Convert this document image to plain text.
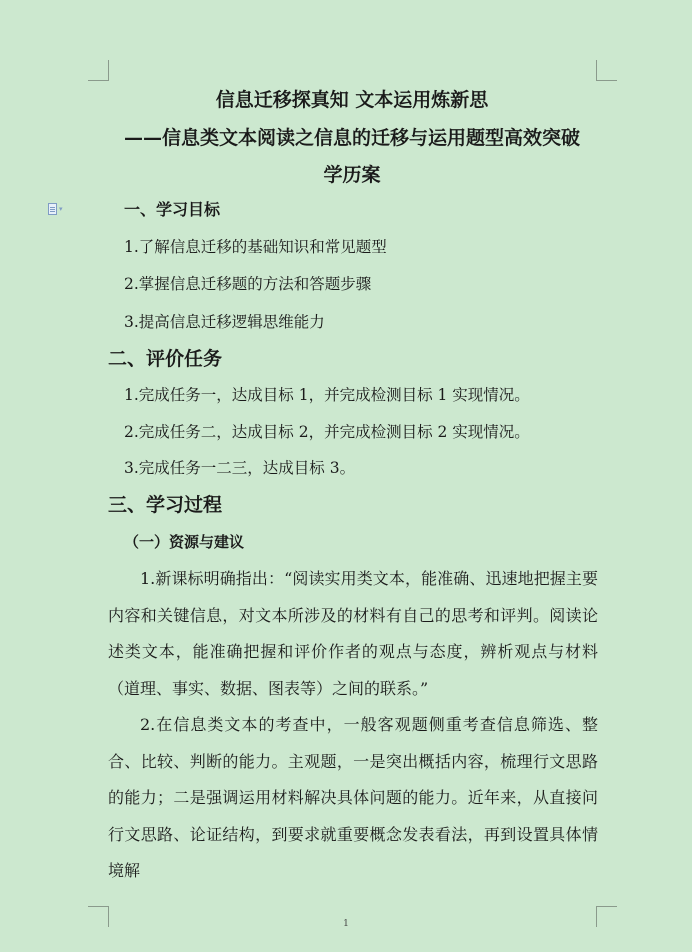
▾
信息迁移探真知 文本运用炼新思
——信息类文本阅读之信息的迁移与运用题型高效突破
学历案
一、学习目标
1.了解信息迁移的基础知识和常见题型
2.掌握信息迁移题的方法和答题步骤
3.提高信息迁移逻辑思维能力
二、评价任务
1.完成任务一，达成目标 1，并完成检测目标 1 实现情况。
2.完成任务二，达成目标 2，并完成检测目标 2 实现情况。
3.完成任务一二三，达成目标 3。
三、学习过程
（一）资源与建议

1.新课标明确指出：“阅读实用类文本，能准确、迅速地把握主要内容和关键信息，对文本所涉及的材料有自己的思考和评判。阅读论述类文本，能准确把握和评价作者的观点与态度，辨析观点与材料（道理、事实、数据、图表等）之间的联系。”

2.在信息类文本的考查中，一般客观题侧重考查信息筛选、整合、比较、判断的能力。主观题，一是突出概括内容，梳理行文思路的能力；二是强调运用材料解决具体问题的能力。近年来，从直接问行文思路、论证结构，到要求就重要概念发表看法，再到设置具体情境解

1
